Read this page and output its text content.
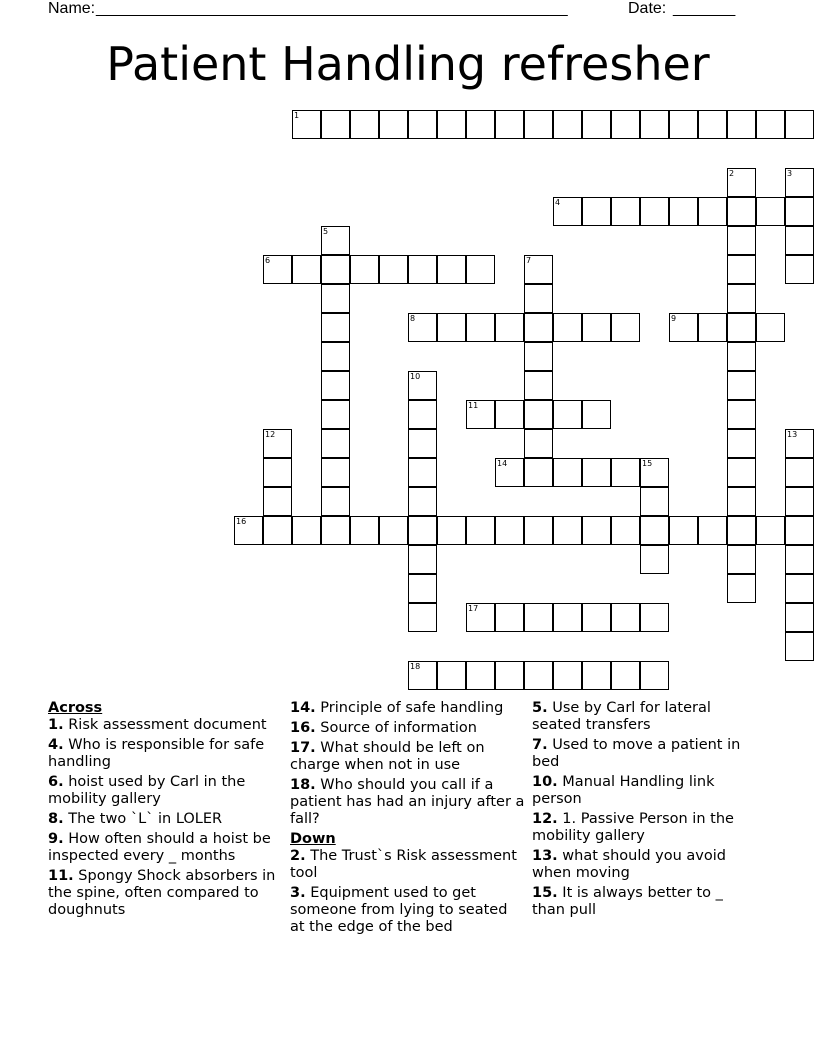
Name: _____________________________________________________	Date: _______
Patient Handling refresher
1
2	3
4
5
6	7
8	9
10
11
12	13
14	15
16
17
18
Across
1. Risk assessment document
4. Who is responsible for safe handling
6. hoist used by Carl in the mobility gallery
8. The two `L` in LOLER
9. How often should a hoist be inspected every _ months
11. Spongy Shock absorbers in the spine, often compared to doughnuts
14. Principle of safe handling
16. Source of information
17. What should be left on charge when not in use
18. Who should you call if a patient has had an injury after a fall?
Down
2. The Trust`s Risk assessment tool
3. Equipment used to get someone from lying to seated at the edge of the bed
5. Use by Carl for lateral seated transfers
7. Used to move a patient in bed
10. Manual Handling link person
12. 1. Passive Person in the mobility gallery
13. what should you avoid when moving
15. It is always better to _ than pull
